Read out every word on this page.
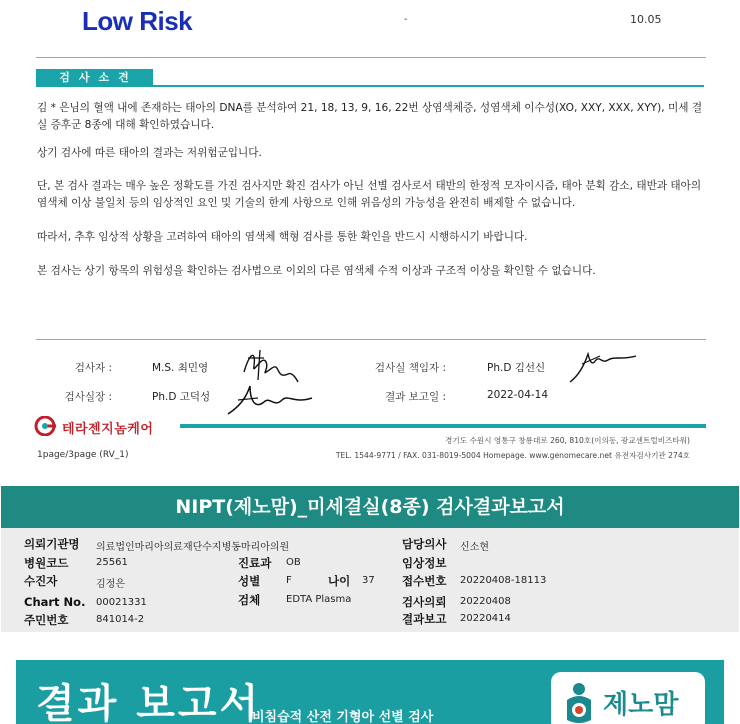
Low Risk	-	10.05
검사소견
김 * 은님의 혈액 내에 존재하는 태아의 DNA를 분석하여 21, 18, 13, 9, 16, 22번 상염색체증, 성염색체 이수성(XO, XXY, XXX, XYY), 미세 결실 증후군 8종에 대해 확인하였습니다.
상기 검사에 따른 태아의 결과는 저위험군입니다.
단, 본 검사 결과는 매우 높은 정확도를 가진 검사지만 확진 검사가 아닌 선별 검사로서 태반의 한정적 모자이시즘, 태아 분획 감소, 태반과 태아의 염색체 이상 불일치 등의 임상적인 요인 및 기술의 한계 사항으로 인해 위음성의 가능성을 완전히 배제할 수 없습니다.
따라서, 추후 임상적 상황을 고려하여 태아의 염색체 핵형 검사를 통한 확인을 반드시 시행하시기 바랍니다.
본 검사는 상기 항목의 위험성을 확인하는 검사법으로 이외의 다른 염색체 수적 이상과 구조적 이상을 확인할 수 없습니다.
검사자 :	M.S. 최민영
검사실장 :	Ph.D 고덕성
검사실 책임자 :	Ph.D 김선신
결과 보고일 :	2022-04-14
테라젠지놈케어
경기도 수원시 영통구 창룡대로 260, 810호(이의동, 광교센트럴비즈타워)
TEL. 1544-9771 / FAX. 031-8019-5004 Homepage. www.genomecare.net 유전자검사기관 274호
1page/3page (RV_1)
NIPT(제노맘)_미세결실(8종) 검사결과보고서
의뢰기관명 의료법인마리아의료재단수지병동마리아의원
병원코드	25561
수진자	김정은
Chart No. 00021331
주민번호	841014-2
진료과 OB
성별	F	나이 37
검체	EDTA Plasma
담당의사 신소현
임상정보
접수번호 20220408-18113
검사의뢰 20220408
결과보고 20220414
결과 보고서
비침습적 산전 기형아 선별 검사	제노맘
